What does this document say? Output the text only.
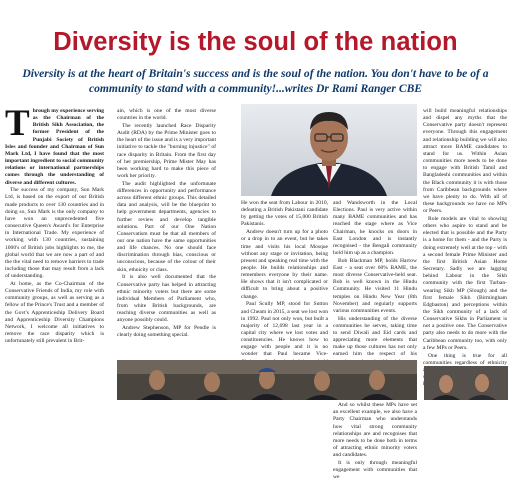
Diversity is the soul of the nation
Diversity is at the heart of Britain's success and is the soul of the nation. You don't have to be of a community to stand with a community!...writes Dr Rami Ranger CBE

Through my experience serving as the Chairman of the British Sikh Association, the former President of the Punjabi Society of British Isles and founder and Chairman of Sun Mark Ltd, I have found that the most important ingredient to social community relations or international partnerships comes through the understanding of diverse and different cultures.

The success of my company, Sun Mark Ltd, is based on the export of our British made products to over 130 countries and in doing so, Sun Mark is the only company to have won an unprecedented five consecutive Queen's Award's for Enterprise in International Trade. My experience of working with 130 countries, sustaining 1000's of British jobs highlights to me, the global world that we are now a part of and the the vital need to remove barriers to trade including those that may result from a lack of understanding.

At home, as the Co-Chairman of the Conservative Friends of India, my role with community groups, as well as serving as a fellow of the Prince's Trust and a member of the Govt's Apprenticeship Delivery Board and Apprenticeship Diversity Champions Network, I welcome all initiatives to remove the race disparity which is unfortunately still prevalent in Brit-

ain, which is one of the most diverse countries in the world.

The recently launched Race Disparity Audit (RDA) by the Prime Minister goes to the heart of the issue and is a very important initiative to tackle the "burning injustice" of race disparity in Britain. From the first day of her premiership, Prime Mister May has been working hard to make this piece of work her priority.

The audit highlighted the unfortunate differences in opportunity and performance across different ethnic groups. This detailed data and analysis, will be the blueprint to help government departments, agencies to further review and develop tangible solutions. Part of our One Nation Conservatism must be that all members of our one nation have the same opportunities and life chances. No one should face discrimination through bias, conscious or unconscious, because of the colour of their skin, ethnicity or class.

It is also well documented that the Conservative party has helped in attracting ethnic minority voters but there are some individual Members of Parliament who, from white British backgrounds, are reaching diverse communities as well as anyone possibly could.

Andrew Stephenson, MP for Pendle is clearly doing something special.

He won the seat from Labour in 2010, defeating a British Pakistani candidate by getting the votes of 15,000 British Pakistanis.

Andrew doesn't turn up for a photo or a drop in to an event, but he takes time and visits his local Mosque without any stage or invitation, being present and speaking real time with the people. He builds relationships and remembers everyone by their name. He shows that it isn't complicated or difficult to bring about a positive change.

Paul Scully MP, stood for Sutton and Cheam in 2015, a seat we lost won in 1992. Paul not only won, but built a majority of 12,698 last year in a capital city where we lost votes and constituencies. He knows how to engage with people and it is no wonder that Paul became Vice-

and Wandsworth in the Local Elections. Paul is very active within many BAME communities and has reached the stage where as Vice Chairman, he knocks on doors in East London and is instantly recognised - the Bengali community hold him up as a champion.

Bob Blackman MP, holds Harrow East - a seat over 60% BAME, the most diverse Conservative-held seat. Bob is well known in the Hindu Community. He visited 11 Hindu temples on Hindu New Year (8th November) and regularly supports various communities events.

His understanding of the diverse communities he serves, taking time to send Diwali and Eid cards and appreciating more elements that make up those cultures has not only earned him the respect of his

And so whilst these MPs have set an excellent example, we also have a Party Chairman who understands how vital strong community relationships are and recognises that more needs to be done both in terms of attracting ethnic minority voters and candidates.

It is only through meaningful engagement with communities that we

will build meaningful relationships and dispel any myths that the Conservative party doesn't represent everyone. Through this engagement and relationship building we will also attract more BAME candidates to stand for us. Within Asian communities more needs to be done to engage with British Tamil and Bangladeshi communities and within the Black community it is with those from Caribbean backgrounds where we have plenty to do. With all of these backgrounds we have no MPs or Peers.

Role models are vital to showing others who aspire to stand and be elected that is possible and the Party is a home for them - and the Party is doing extremely well at the top - with a second female Prime Minister and the first British Asian Home Secretary. Sadly we are lagging behind Labour in the Sikh community with the first Turban-wearing Sikh MP (Slough) and the first female Sikh (Birmingham Edgbaston) and perceptions within the Sikh community of a lack of Conservative Sikhs in Parliament is not a positive one. The Conservative party also needs to do more with the Caribbean community too, with only a few MPs or Peers.

One thing is true for all communities regardless of ethnicity
